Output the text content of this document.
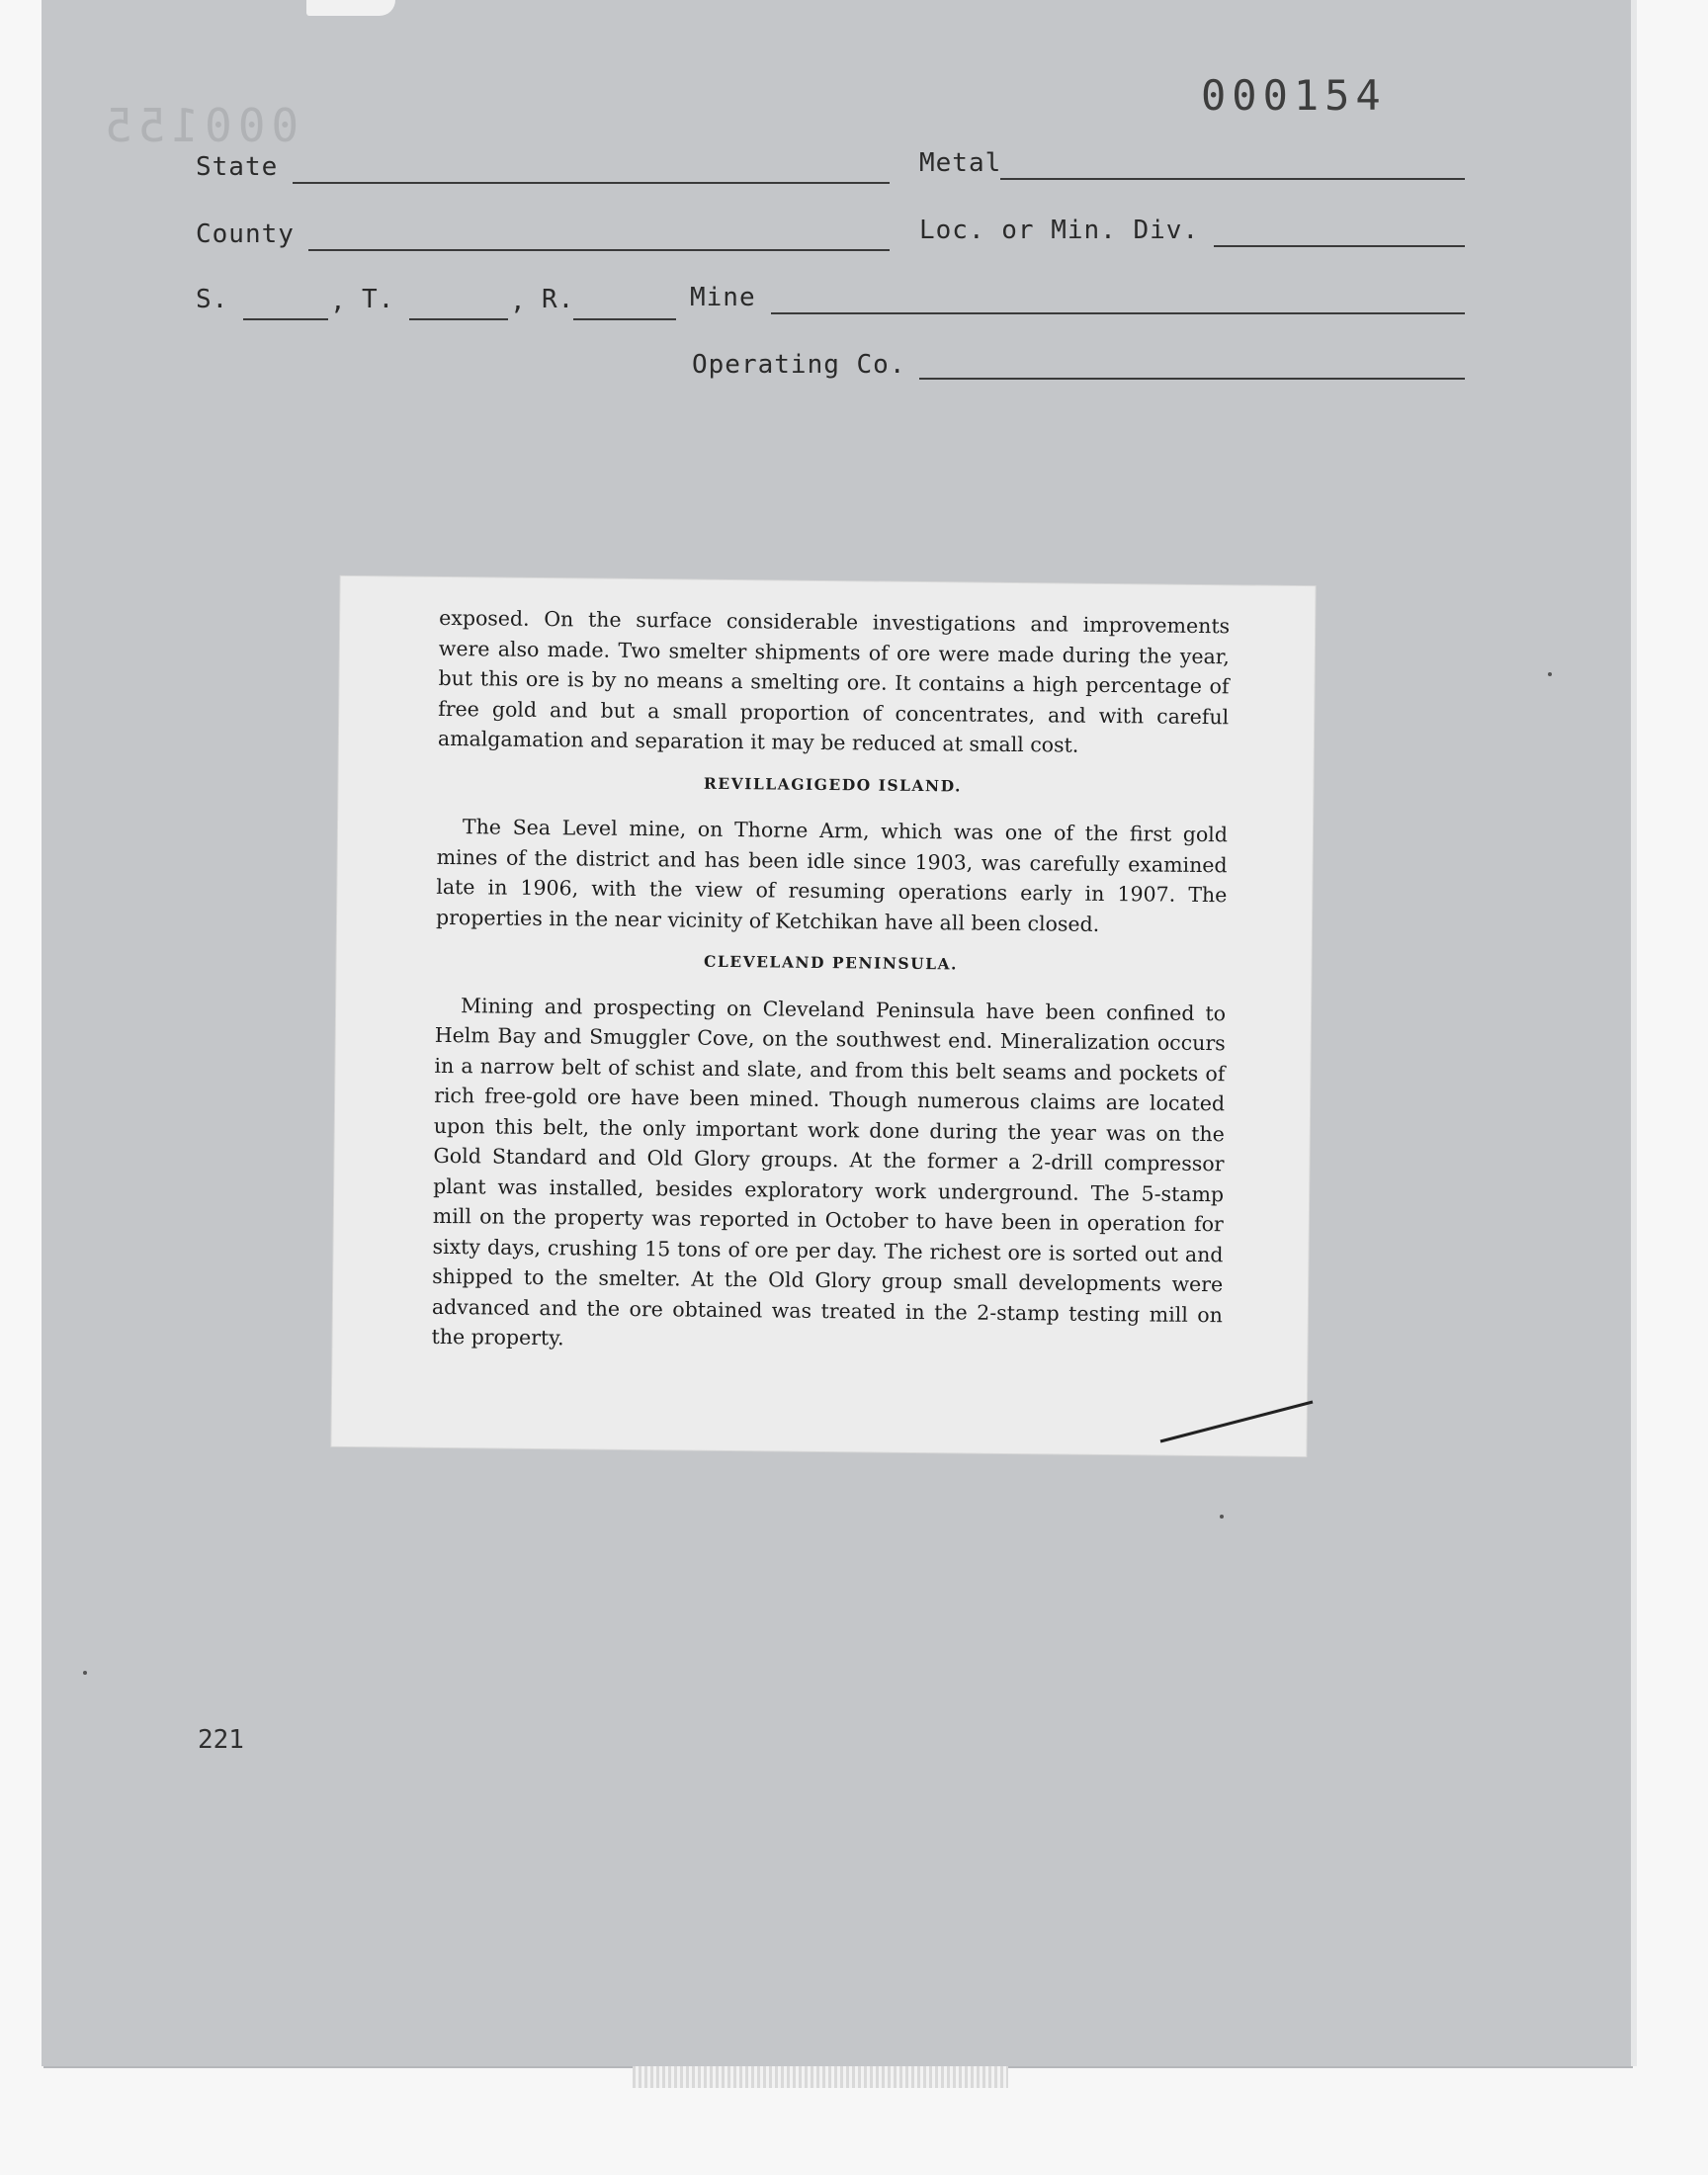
000155
000154
State	Metal
County	Loc. or Min. Div.
S.	, T.	, R.	Mine
Operating Co.

exposed. On the surface considerable investigations and improvements were also made. Two smelter shipments of ore were made during the year, but this ore is by no means a smelting ore. It contains a high percentage of free gold and but a small proportion of concentrates, and with careful amalgamation and separation it may be reduced at small cost.

REVILLAGIGEDO ISLAND.

The Sea Level mine, on Thorne Arm, which was one of the first gold mines of the district and has been idle since 1903, was carefully examined late in 1906, with the view of resuming operations early in 1907. The properties in the near vicinity of Ketchikan have all been closed.

CLEVELAND PENINSULA.

Mining and prospecting on Cleveland Peninsula have been confined to Helm Bay and Smuggler Cove, on the southwest end. Mineralization occurs in a narrow belt of schist and slate, and from this belt seams and pockets of rich free-gold ore have been mined. Though numerous claims are located upon this belt, the only important work done during the year was on the Gold Standard and Old Glory groups. At the former a 2-drill compressor plant was installed, besides exploratory work underground. The 5-stamp mill on the property was reported in October to have been in operation for sixty days, crushing 15 tons of ore per day. The richest ore is sorted out and shipped to the smelter. At the Old Glory group small developments were advanced and the ore obtained was treated in the 2-stamp testing mill on the property.

221
